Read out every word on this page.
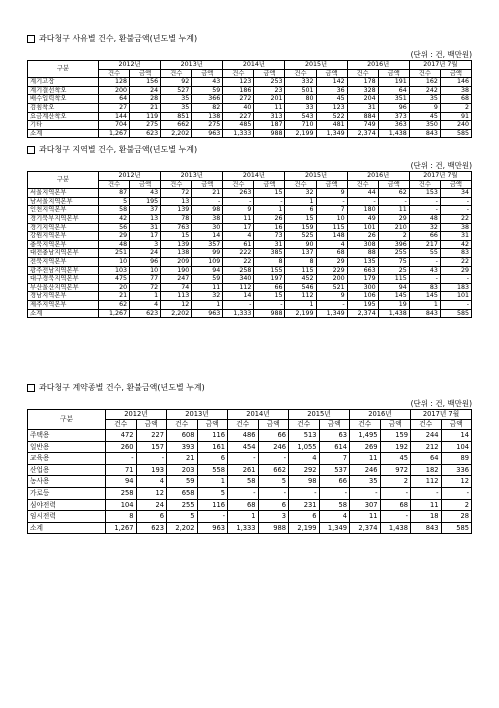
과다청구 사유별 건수, 환불금액(년도별 누계)
(단위 : 건, 백만원)
구분	2012년		2013년		2014년		2015년		2016년		2017년 7월	
	건수	금액	건수	금액	건수	금액	건수	금액	건수	금액	건수	금액
계기고장	128	156	92	43	123	253	332	142	178	191	162	146
계기결선착오	200	24	527	59	186	23	501	36	328	64	242	38
배수입력착오	64	28	35	366	272	201	80	45	204	351	35	68
검침착오	27	21	35	82	40	11	33	123	31	96	9	2
요금계산착오	144	119	851	138	227	313	543	522	884	373	45	91
기타	704	275	662	275	485	187	710	481	749	363	350	240
소계	1,267	623	2,202	963	1,333	988	2,199	1,349	2,374	1,438	843	585
과다청구 지역별 건수, 환불금액(년도별 누계)
(단위 : 건, 백만원)
구분	2012년		2013년		2014년		2015년		2016년		2017년 7월	
	건수	금액	건수	금액	건수	금액	건수	금액	건수	금액	건수	금액
서울지역본부	87	43	72	21	263	15	32	9	44	62	153	34
남서울지역본부	5	195	13	-	-	-	1	-	-	-	-	-
인천지역본부	58	37	139	98	9	1	6	7	180	11	-	-
경기북부지역본부	42	13	78	38	11	26	15	10	49	29	48	22
경기지역본부	56	31	763	30	17	16	159	115	101	210	32	38
강원지역본부	29	17	15	14	4	73	525	148	26	2	66	31
충북지역본부	48	3	139	357	61	31	90	4	308	396	217	42
대전충남지역본부	251	24	138	99	222	385	137	68	88	255	55	83
전북지역본부	10	96	209	109	22	8	8	29	135	75	-	22
광주전남지역본부	103	10	190	94	258	155	115	229	663	25	43	29
대구경북지역본부	475	77	247	59	340	197	452	200	179	115	-	-
부산울산지역본부	20	72	74	11	112	66	546	521	300	94	83	183
경남지역본부	21	1	113	32	14	15	112	9	106	145	145	101
제주지역본부	62	4	12	1	-	-	1	-	195	19	1	-
소계	1,267	623	2,202	963	1,333	988	2,199	1,349	2,374	1,438	843	585
과다청구 계약종별 건수, 환불금액(년도별 누계)
(단위 : 건, 백만원)
구분	2012년		2013년		2014년		2015년		2016년		2017년 7월	
	건수	금액	건수	금액	건수	금액	건수	금액	건수	금액	건수	금액
주택용	472	227	608	116	486	66	513	63	1,495	159	244	14
일반용	260	157	393	161	454	246	1,055	614	269	192	212	104
교육용	-	-	21	6	-	-	4	7	11	45	64	89
산업용	71	193	203	558	261	662	292	537	246	972	182	336
농사용	94	4	59	1	58	5	98	66	35	2	112	12
가로등	258	12	658	5	-	-	-	-	-	-	-	-
심야전력	104	24	255	116	68	6	231	58	307	68	11	2
임시전력	8	6	5	-	1	3	6	4	11	-	18	28
소계	1,267	623	2,202	963	1,333	988	2,199	1,349	2,374	1,438	843	585
